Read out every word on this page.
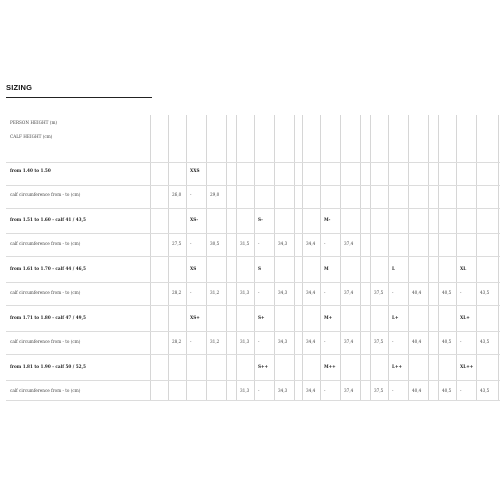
SIZING
PERSON HEIGHT (m)
CALF HEIGHT (cm)
from 1.40 to 1.50	XXS
calf circumference from - to (cm)	26,0 -	29,0
from 1.51 to 1.60 - calf 41 / 43,5	XS-	S-	M-
calf circumference from - to (cm)	27,5 -	30,5	31,5 -	34,3	34,4 -	37,4
from 1.61 to 1.70 - calf 44 / 46,5	XS	S	M	L	XL
calf circumference from - to (cm)	28,2 -	31,2	31,3 -	34,3	34,4 -	37,4	37,5 -	40,4	40,5 -	43,5
from 1.71 to 1.80 - calf 47 / 49,5	XS+	S+	M+	L+	XL+
calf circumference from - to (cm)	28,2 -	31,2	31,3 -	34,3	34,4 -	37,4	37,5 -	40,4	40,5 -	43,5
from 1.81 to 1.90 - calf 50 / 52,5	S++	M++	L++	XL++
calf circumference from - to (cm)	31,3 -	34,3	34,4 -	37,4	37,5 -	40,4	40,5 -	43,5
